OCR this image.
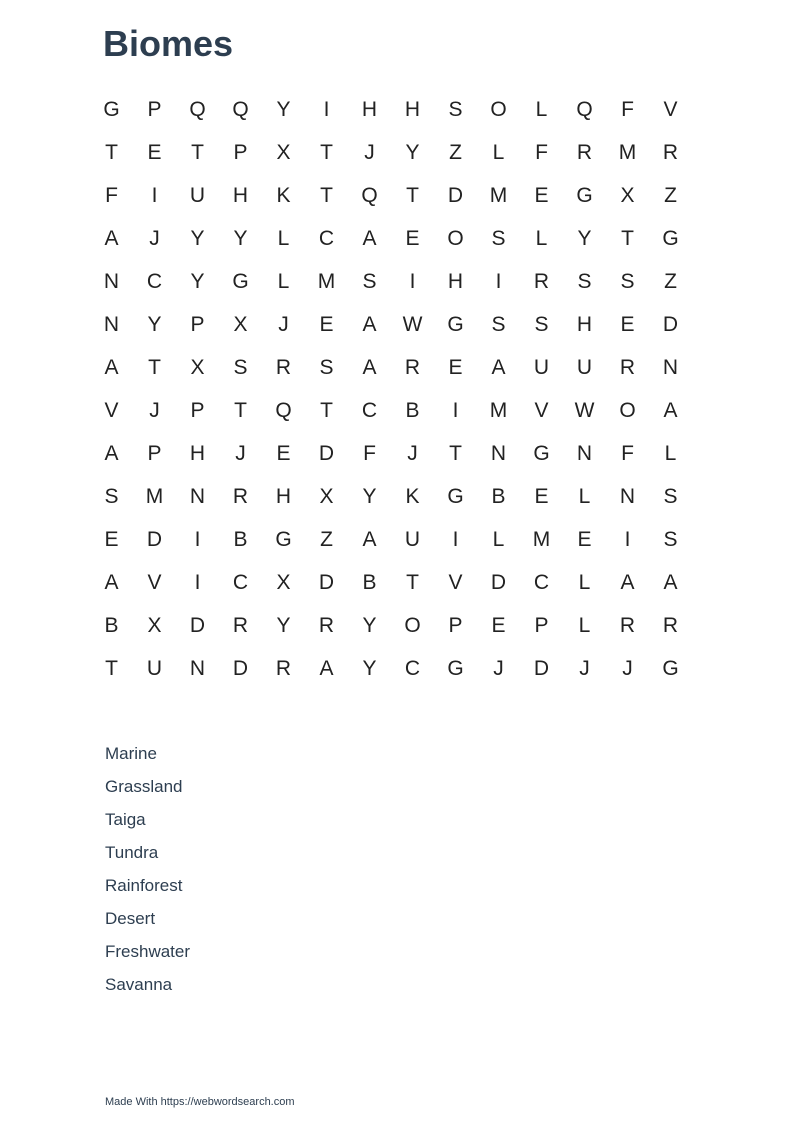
Biomes
G	P	Q	Q	Y	I	H	H	S	O	L	Q	F	V
T	E	T	P	X	T	J	Y	Z	L	F	R	M	R
F	I	U	H	K	T	Q	T	D	M	E	G	X	Z
A	J	Y	Y	L	C	A	E	O	S	L	Y	T	G
N	C	Y	G	L	M	S	I	H	I	R	S	S	Z
N	Y	P	X	J	E	A	W	G	S	S	H	E	D
A	T	X	S	R	S	A	R	E	A	U	U	R	N
V	J	P	T	Q	T	C	B	I	M	V	W	O	A
A	P	H	J	E	D	F	J	T	N	G	N	F	L
S	M	N	R	H	X	Y	K	G	B	E	L	N	S
E	D	I	B	G	Z	A	U	I	L	M	E	I	S
A	V	I	C	X	D	B	T	V	D	C	L	A	A
B	X	D	R	Y	R	Y	O	P	E	P	L	R	R
T	U	N	D	R	A	Y	C	G	J	D	J	J	G
Marine
Grassland
Taiga
Tundra
Rainforest
Desert
Freshwater
Savanna
Made With https://webwordsearch.com
